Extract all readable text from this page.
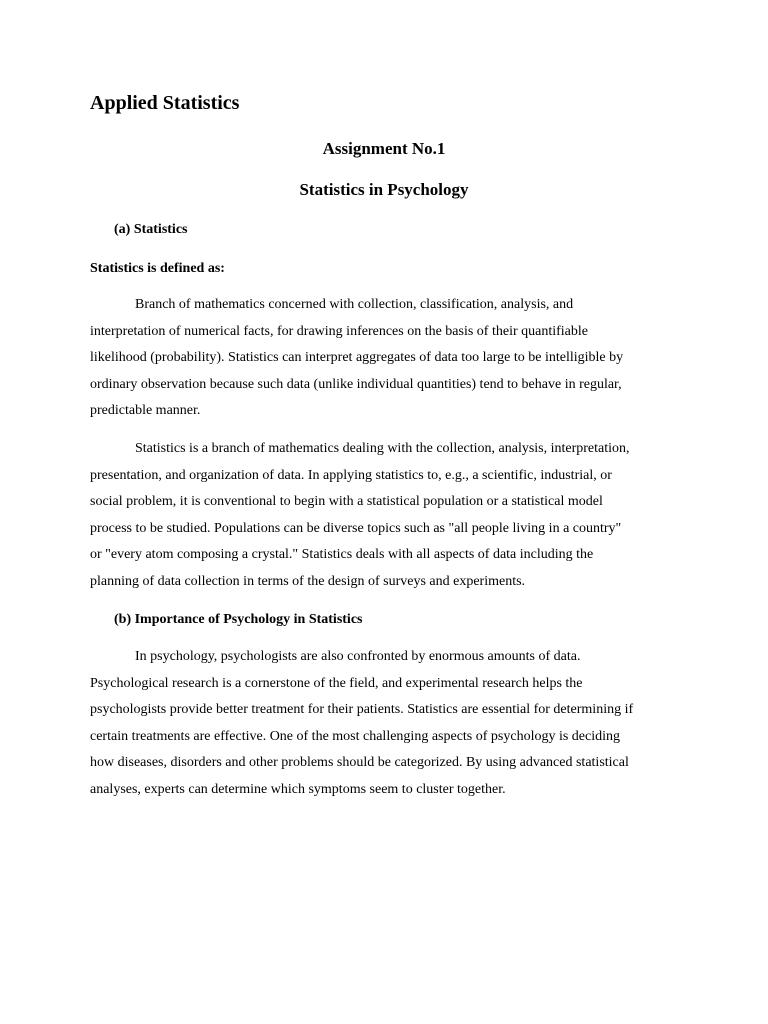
Applied Statistics
Assignment No.1
Statistics in Psychology
(a) Statistics

Statistics is defined as:

Branch of mathematics concerned with collection, classification, analysis, and
interpretation of numerical facts, for drawing inferences on the basis of their quantifiable
likelihood (probability). Statistics can interpret aggregates of data too large to be intelligible by
ordinary observation because such data (unlike individual quantities) tend to behave in regular,
predictable manner.
Statistics is a branch of mathematics dealing with the collection, analysis, interpretation,
presentation, and organization of data. In applying statistics to, e.g., a scientific, industrial, or
social problem, it is conventional to begin with a statistical population or a statistical model
process to be studied. Populations can be diverse topics such as "all people living in a country"
or "every atom composing a crystal." Statistics deals with all aspects of data including the
planning of data collection in terms of the design of surveys and experiments.
(b) Importance of Psychology in Statistics
In psychology, psychologists are also confronted by enormous amounts of data.
Psychological research is a cornerstone of the field, and experimental research helps the
psychologists provide better treatment for their patients. Statistics are essential for determining if
certain treatments are effective. One of the most challenging aspects of psychology is deciding
how diseases, disorders and other problems should be categorized. By using advanced statistical
analyses, experts can determine which symptoms seem to cluster together.
